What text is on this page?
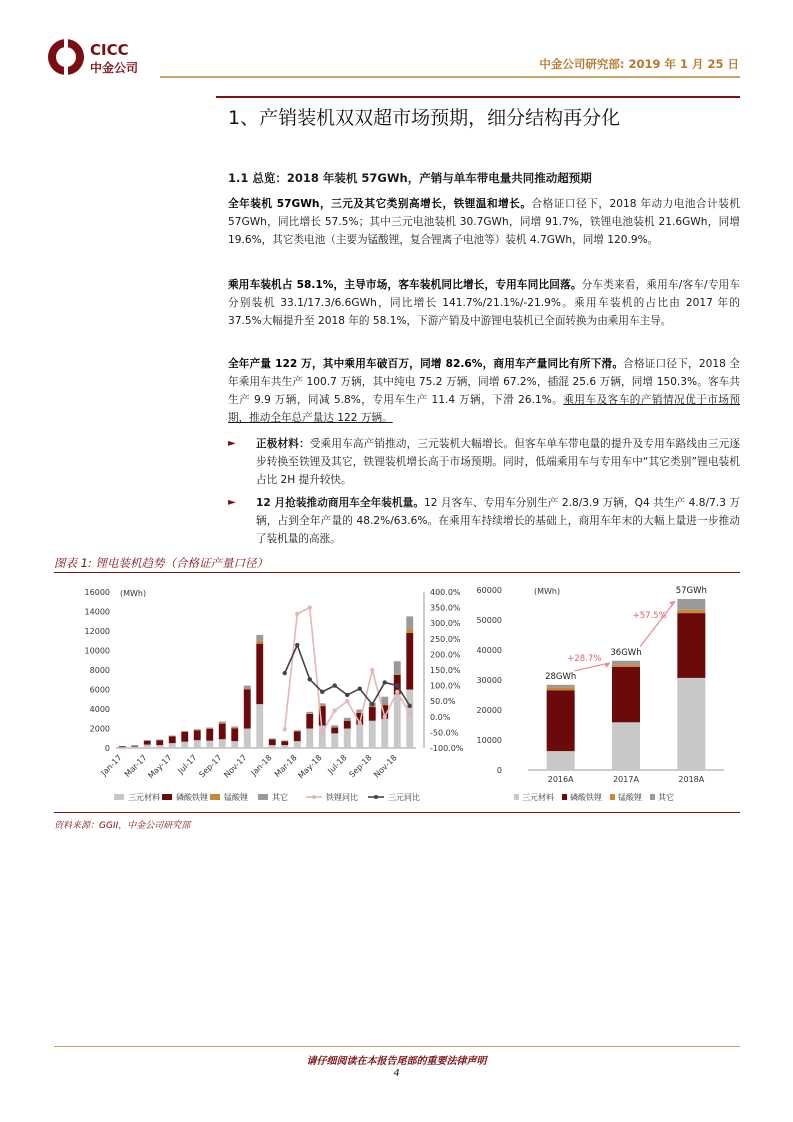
CICC
中金公司	中金公司研究部: 2019 年 1 月 25 日
1、产销装机双双超市场预期，细分结构再分化
1.1 总览：2018 年装机 57GWh，产销与单车带电量共同推动超预期
全年装机 57GWh，三元及其它类别高增长，铁锂温和增长。合格证口径下，2018 年动力电池合计装机 57GWh，同比增长 57.5%；其中三元电池装机 30.7GWh，同增 91.7%，铁锂电池装机 21.6GWh，同增 19.6%，其它类电池（主要为锰酸锂，复合锂离子电池等）装机 4.7GWh，同增 120.9%。
乘用车装机占 58.1%，主导市场，客车装机同比增长，专用车同比回落。分车类来看，乘用车/客车/专用车分别装机 33.1/17.3/6.6GWh，同比增长 141.7%/21.1%/-21.9%。乘用车装机的占比由 2017 年的 37.5%大幅提升至 2018 年的 58.1%，下游产销及中游锂电装机已全面转换为由乘用车主导。
全年产量 122 万，其中乘用车破百万，同增 82.6%，商用车产量同比有所下滑。合格证口径下，2018 全年乘用车共生产 100.7 万辆，其中纯电 75.2 万辆，同增 67.2%，插混 25.6 万辆，同增 150.3%。客车共生产 9.9 万辆，同减 5.8%，专用车生产 11.4 万辆，下滑 26.1%。乘用车及客车的产销情况优于市场预期，推动全年总产量达 122 万辆。
► 正极材料：受乘用车高产销推动，三元装机大幅增长。但客车单车带电量的提升及专用车路线由三元逐步转换至铁锂及其它，铁锂装机增长高于市场预期。同时，低端乘用车与专用车中“其它类别”锂电装机占比 2H 提升较快。
► 12 月抢装推动商用车全年装机量。12 月客车、专用车分别生产 2.8/3.9 万辆，Q4 共生产 4.8/7.3 万辆，占到全年产量的 48.2%/63.6%。在乘用车持续增长的基础上，商用车年末的大幅上量进一步推动了装机量的高涨。
图表 1: 锂电装机趋势（合格证产量口径）
(MWh)
0
2000
4000
6000
8000
10000
12000
14000
16000	400.0%
350.0%
300.0%
250.0%
200.0%
150.0%
100.0%
50.0%
0.0%
-50.0%
-100.0%
Jan-17 Mar-17
May-17 Jul-17
Sep-17
Nov-17 Jan-18 Mar-18
May-18 Jul-18
Sep-18
Nov-18
三元材料 磷酸铁锂 锰酸锂	其它	铁锂同比	三元同比
(MWh)
0
10000
20000
30000
40000
50000
60000
2016A
28GWh
2017A
36GWh
2018A
57GWh
+28.7%
+57.5%
三元材料 磷酸铁锂 锰酸锂 其它
资料来源：GGII，中金公司研究部
请仔细阅读在本报告尾部的重要法律声明
4
